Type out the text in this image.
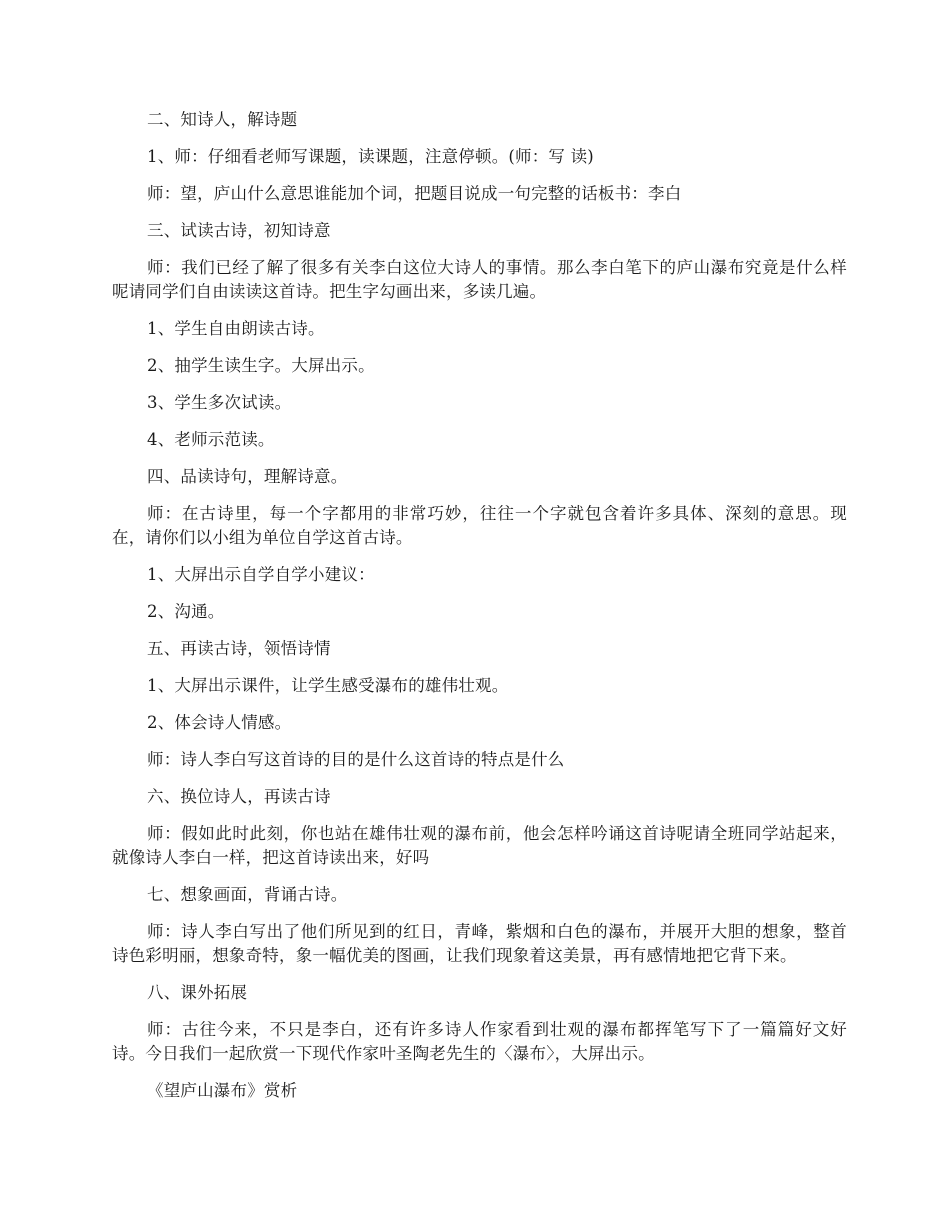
二、知诗人，解诗题

1、师：仔细看老师写课题，读课题，注意停顿。(师：写 读)

师：望，庐山什么意思谁能加个词，把题目说成一句完整的话板书：李白

三、试读古诗，初知诗意

师：我们已经了解了很多有关李白这位大诗人的事情。那么李白笔下的庐山瀑布究竟是什么样呢请同学们自由读读这首诗。把生字勾画出来，多读几遍。

1、学生自由朗读古诗。

2、抽学生读生字。大屏出示。

3、学生多次试读。

4、老师示范读。

四、品读诗句，理解诗意。

师：在古诗里，每一个字都用的非常巧妙，往往一个字就包含着许多具体、深刻的意思。现在，请你们以小组为单位自学这首古诗。

1、大屏出示自学自学小建议：

2、沟通。

五、再读古诗，领悟诗情

1、大屏出示课件，让学生感受瀑布的雄伟壮观。

2、体会诗人情感。

师：诗人李白写这首诗的目的是什么这首诗的特点是什么

六、换位诗人，再读古诗

师：假如此时此刻，你也站在雄伟壮观的瀑布前，他会怎样吟诵这首诗呢请全班同学站起来，就像诗人李白一样，把这首诗读出来，好吗

七、想象画面，背诵古诗。

师：诗人李白写出了他们所见到的红日，青峰，紫烟和白色的瀑布，并展开大胆的想象，整首诗色彩明丽，想象奇特，象一幅优美的图画，让我们现象着这美景，再有感情地把它背下来。

八、课外拓展

师：古往今来，不只是李白，还有许多诗人作家看到壮观的瀑布都挥笔写下了一篇篇好文好诗。今日我们一起欣赏一下现代作家叶圣陶老先生的〈瀑布〉，大屏出示。

《望庐山瀑布》赏析
